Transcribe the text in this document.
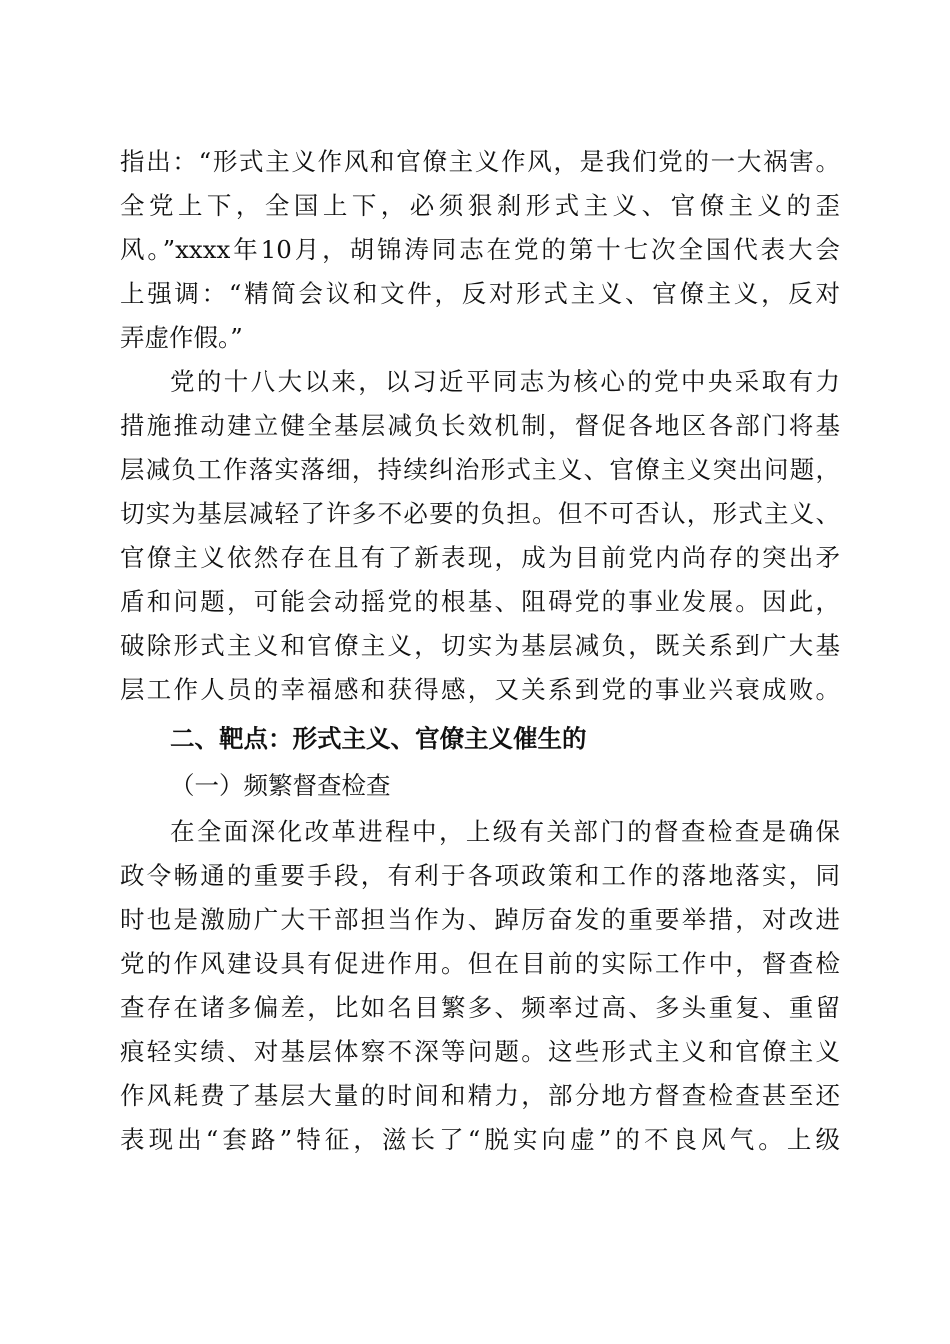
指出：“形式主义作风和官僚主义作风，是我们党的一大祸害。
全党上下，全国上下，必须狠刹形式主义、官僚主义的歪
风。”xxxx年10月，胡锦涛同志在党的第十七次全国代表大会
上强调：“精简会议和文件，反对形式主义、官僚主义，反对
弄虚作假。”
党的十八大以来，以习近平同志为核心的党中央采取有力
措施推动建立健全基层减负长效机制，督促各地区各部门将基
层减负工作落实落细，持续纠治形式主义、官僚主义突出问题，
切实为基层减轻了许多不必要的负担。但不可否认，形式主义、
官僚主义依然存在且有了新表现，成为目前党内尚存的突出矛
盾和问题，可能会动摇党的根基、阻碍党的事业发展。因此，
破除形式主义和官僚主义，切实为基层减负，既关系到广大基
层工作人员的幸福感和获得感，又关系到党的事业兴衰成败。
二、靶点：形式主义、官僚主义催生的
（一）频繁督查检查
在全面深化改革进程中，上级有关部门的督查检查是确保
政令畅通的重要手段，有利于各项政策和工作的落地落实，同
时也是激励广大干部担当作为、踔厉奋发的重要举措，对改进
党的作风建设具有促进作用。但在目前的实际工作中，督查检
查存在诸多偏差，比如名目繁多、频率过高、多头重复、重留
痕轻实绩、对基层体察不深等问题。这些形式主义和官僚主义
作风耗费了基层大量的时间和精力，部分地方督查检查甚至还
表现出“套路”特征，滋长了“脱实向虚”的不良风气。上级
